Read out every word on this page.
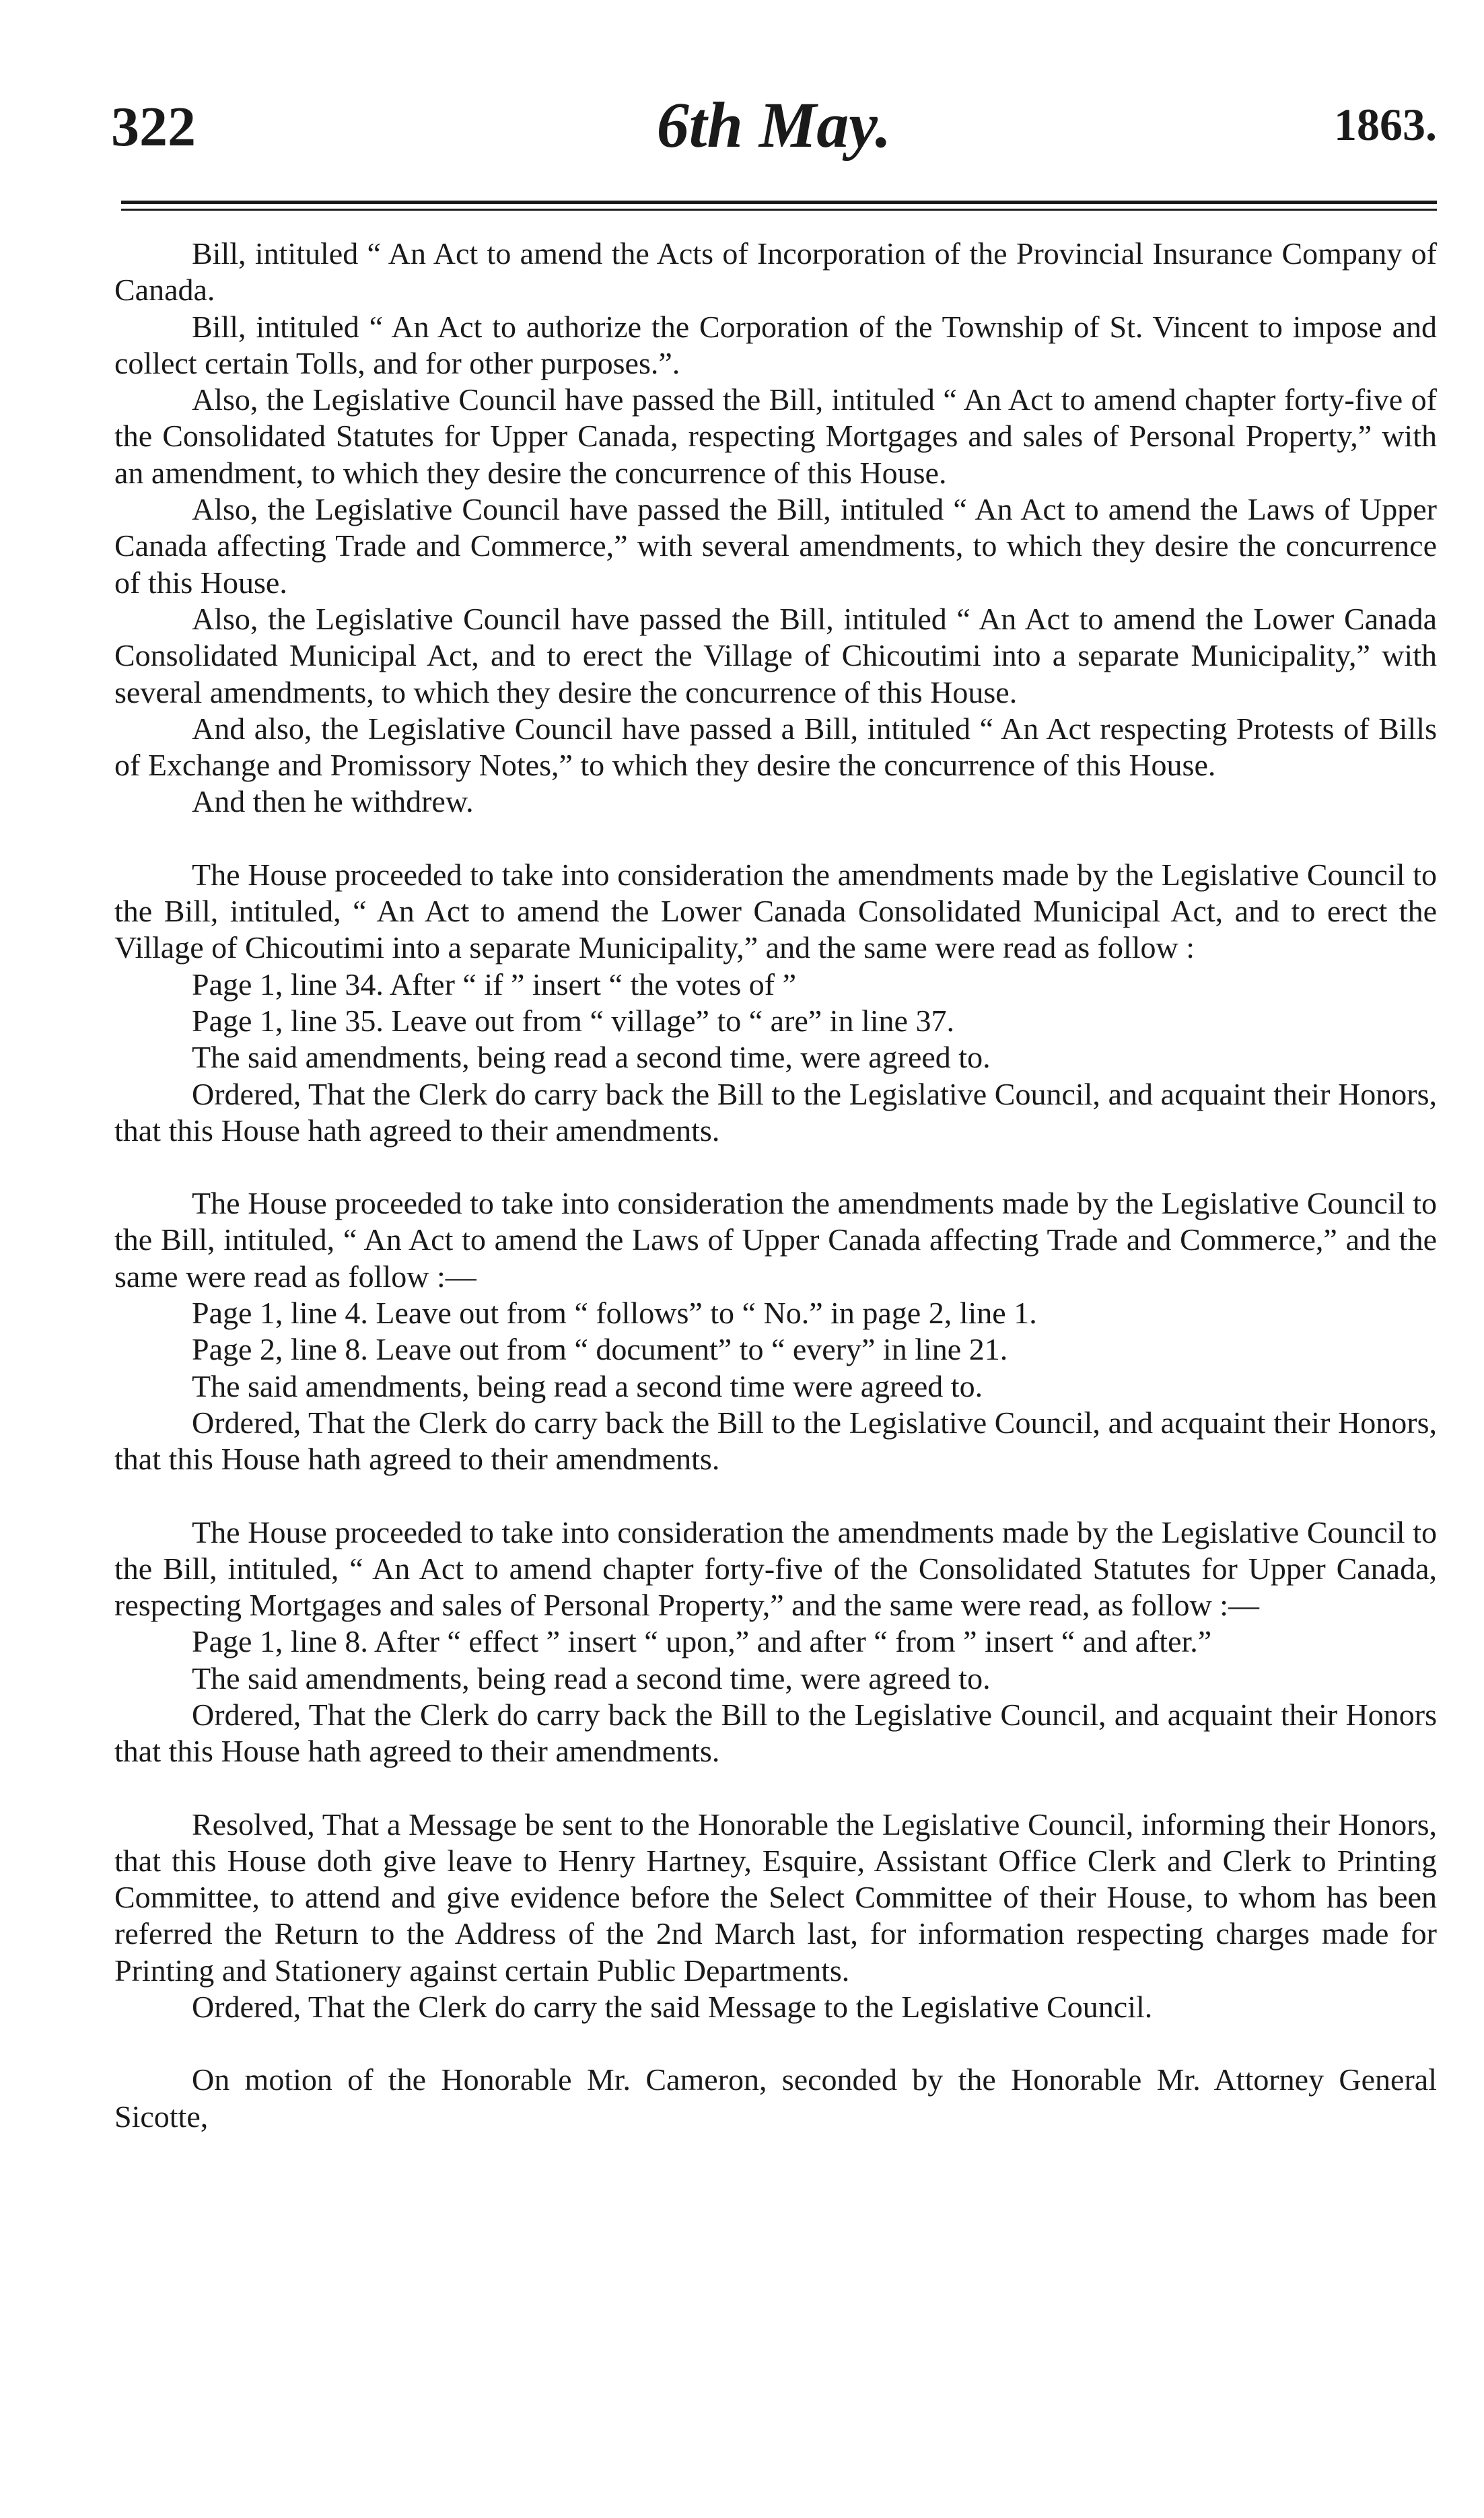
322	6th May.	1863.

Bill, intituled “ An Act to amend the Acts of Incorporation of the Provincial Insurance Company of Canada.

Bill, intituled “ An Act to authorize the Corporation of the Township of St. Vincent to impose and collect certain Tolls, and for other purposes.”.

Also, the Legislative Council have passed the Bill, intituled “ An Act to amend chapter forty-five of the Consolidated Statutes for Upper Canada, respecting Mortgages and sales of Personal Property,” with an amendment, to which they desire the concurrence of this House.

Also, the Legislative Council have passed the Bill, intituled “ An Act to amend the Laws of Upper Canada affecting Trade and Commerce,” with several amendments, to which they desire the concurrence of this House.

Also, the Legislative Council have passed the Bill, intituled “ An Act to amend the Lower Canada Consolidated Municipal Act, and to erect the Village of Chicoutimi into a separate Municipality,” with several amendments, to which they desire the concurrence of this House.

And also, the Legislative Council have passed a Bill, intituled “ An Act respecting Protests of Bills of Exchange and Promissory Notes,” to which they desire the concurrence of this House.

And then he withdrew.

The House proceeded to take into consideration the amendments made by the Legislative Council to the Bill, intituled, “ An Act to amend the Lower Canada Consolidated Municipal Act, and to erect the Village of Chicoutimi into a separate Municipality,” and the same were read as follow :

Page 1, line 34. After “ if ” insert “ the votes of ”

Page 1, line 35. Leave out from “ village” to “ are” in line 37.

The said amendments, being read a second time, were agreed to.

Ordered, That the Clerk do carry back the Bill to the Legislative Council, and acquaint their Honors, that this House hath agreed to their amendments.

The House proceeded to take into consideration the amendments made by the Legislative Council to the Bill, intituled, “ An Act to amend the Laws of Upper Canada affecting Trade and Commerce,” and the same were read as follow :—

Page 1, line 4. Leave out from “ follows” to “ No.” in page 2, line 1.

Page 2, line 8. Leave out from “ document” to “ every” in line 21.

The said amendments, being read a second time were agreed to.

Ordered, That the Clerk do carry back the Bill to the Legislative Council, and acquaint their Honors, that this House hath agreed to their amendments.

The House proceeded to take into consideration the amendments made by the Legislative Council to the Bill, intituled, “ An Act to amend chapter forty-five of the Consolidated Statutes for Upper Canada, respecting Mortgages and sales of Personal Property,” and the same were read, as follow :—

Page 1, line 8. After “ effect ” insert “ upon,” and after “ from ” insert “ and after.”

The said amendments, being read a second time, were agreed to.

Ordered, That the Clerk do carry back the Bill to the Legislative Council, and acquaint their Honors that this House hath agreed to their amendments.

Resolved, That a Message be sent to the Honorable the Legislative Council, informing their Honors, that this House doth give leave to Henry Hartney, Esquire, Assistant Office Clerk and Clerk to Printing Committee, to attend and give evidence before the Select Committee of their House, to whom has been referred the Return to the Address of the 2nd March last, for information respecting charges made for Printing and Stationery against certain Public Departments.

Ordered, That the Clerk do carry the said Message to the Legislative Council.

On motion of the Honorable Mr. Cameron, seconded by the Honorable Mr. Attorney General Sicotte,
